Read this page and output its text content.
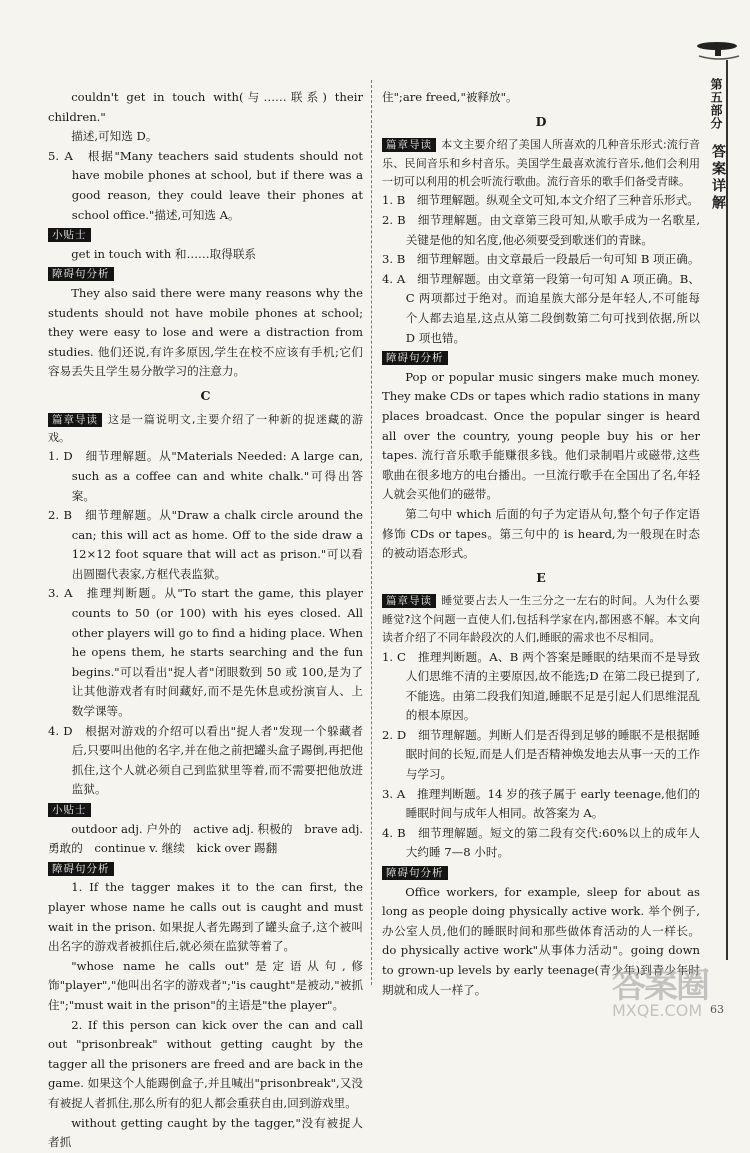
第五部分
答案详解

couldn't get in touch with(与……联系) their children."

描述,可知选 D。

5. A　根据"Many teachers said students should not have mobile phones at school, but if there was a good reason, they could leave their phones at school office."描述,可知选 A。

小贴士

get in touch with 和……取得联系

障碍句分析

They also said there were many reasons why the students should not have mobile phones at school; they were easy to lose and were a distraction from studies. 他们还说,有许多原因,学生在校不应该有手机;它们容易丢失且学生易分散学习的注意力。

C

篇章导读 这是一篇说明文,主要介绍了一种新的捉迷藏的游戏。

1. D　细节理解题。从"Materials Needed: A large can, such as a coffee can and white chalk."可得出答案。

2. B　细节理解题。从"Draw a chalk circle around the can; this will act as home. Off to the side draw a 12×12 foot square that will act as prison."可以看出圆圈代表家,方框代表监狱。

3. A　推理判断题。从"To start the game, this player counts to 50 (or 100) with his eyes closed. All other players will go to find a hiding place. When he opens them, he starts searching and the fun begins."可以看出"捉人者"闭眼数到 50 或 100,是为了让其他游戏者有时间藏好,而不是先休息或扮演盲人、上数学课等。

4. D　根据对游戏的介绍可以看出"捉人者"发现一个躲藏者后,只要叫出他的名字,并在他之前把罐头盒子踢倒,再把他抓住,这个人就必须自己到监狱里等着,而不需要把他放进监狱。

小贴士

outdoor adj. 户外的　active adj. 积极的　brave adj. 勇敢的　continue v. 继续　kick over 踢翻

障碍句分析

1. If the tagger makes it to the can first, the player whose name he calls out is caught and must wait in the prison. 如果捉人者先踢到了罐头盒子,这个被叫出名字的游戏者被抓住后,就必须在监狱等着了。

"whose name he calls out"是定语从句,修饰"player","他叫出名字的游戏者";"is caught"是被动,"被抓住";"must wait in the prison"的主语是"the player"。

2. If this person can kick over the can and call out "prisonbreak" without getting caught by the tagger all the prisoners are freed and are back in the game. 如果这个人能踢倒盒子,并且喊出"prisonbreak",又没有被捉人者抓住,那么所有的犯人都会重获自由,回到游戏里。

without getting caught by the tagger,"没有被捉人者抓

住";are freed,"被释放"。

D

篇章导读 本文主要介绍了美国人所喜欢的几种音乐形式:流行音乐、民间音乐和乡村音乐。美国学生最喜欢流行音乐,他们会利用一切可以利用的机会听流行歌曲。流行音乐的歌手们备受青睐。

1. B　细节理解题。纵观全文可知,本文介绍了三种音乐形式。

2. B　细节理解题。由文章第三段可知,从歌手成为一名歌星,关键是他的知名度,他必须要受到歌迷们的青睐。

3. B　细节理解题。由文章最后一段最后一句可知 B 项正确。

4. A　细节理解题。由文章第一段第一句可知 A 项正确。B、C 两项都过于绝对。而追星族大部分是年轻人,不可能每个人都去追星,这点从第二段倒数第二句可找到依据,所以 D 项也错。

障碍句分析

Pop or popular music singers make much money. They make CDs or tapes which radio stations in many places broadcast. Once the popular singer is heard all over the country, young people buy his or her tapes. 流行音乐歌手能赚很多钱。他们录制唱片或磁带,这些歌曲在很多地方的电台播出。一旦流行歌手在全国出了名,年轻人就会买他们的磁带。

第二句中 which 后面的句子为定语从句,整个句子作定语修饰 CDs or tapes。第三句中的 is heard,为一般现在时态的被动语态形式。

E

篇章导读 睡觉要占去人一生三分之一左右的时间。人为什么要睡觉?这个问题一直使人们,包括科学家在内,都困惑不解。本文向读者介绍了不同年龄段次的人们,睡眠的需求也不尽相同。

1. C　推理判断题。A、B 两个答案是睡眠的结果而不是导致人们思维不清的主要原因,故不能选;D 在第二段已提到了,不能选。由第二段我们知道,睡眠不足是引起人们思维混乱的根本原因。

2. D　细节理解题。判断人们是否得到足够的睡眠不是根据睡眠时间的长短,而是人们是否精神焕发地去从事一天的工作与学习。

3. A　推理判断题。14 岁的孩子属于 early teenage,他们的睡眠时间与成年人相同。故答案为 A。

4. B　细节理解题。短文的第二段有交代:60%以上的成年人大约睡 7—8 小时。

障碍句分析

Office workers, for example, sleep for about as long as people doing physically active work. 举个例子,办公室人员,他们的睡眠时间和那些做体育活动的人一样长。do physically active work"从事体力活动"。going down to grown-up levels by early teenage(青少年)到青少年时期就和成人一样了。	答案圈
MXQE.COM 63
